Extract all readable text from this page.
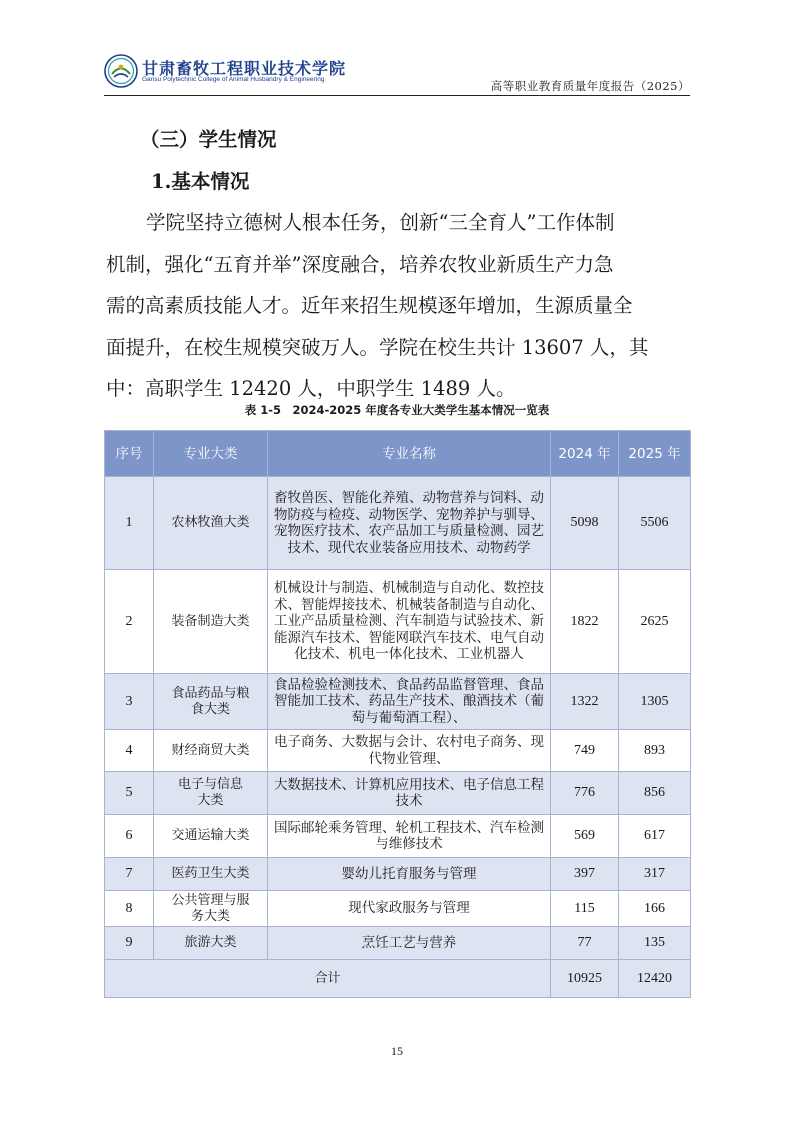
甘肃畜牧工程职业技术学院
Gansu Polytechnic College of Animal Husbandry & Engineering	高等职业教育质量年度报告（2025）
（三）学生情况
1.基本情况
学院坚持立德树人根本任务，创新“三全育人”工作体制
机制，强化“五育并举”深度融合，培养农牧业新质生产力急
需的高素质技能人才。近年来招生规模逐年增加，生源质量全
面提升，在校生规模突破万人。学院在校生共计 13607 人，其
中：高职学生 12420 人，中职学生 1489 人。
表 1-5　2024-2025 年度各专业大类学生基本情况一览表
序号	专业大类	专业名称	2024 年	2025 年
1	农林牧渔大类	畜牧兽医、智能化养殖、动物营养与饲料、动物防疫与检疫、动物医学、宠物养护与驯导、宠物医疗技术、农产品加工与质量检测、园艺技术、现代农业装备应用技术、动物药学	5098	5506
2	装备制造大类	机械设计与制造、机械制造与自动化、数控技术、智能焊接技术、机械装备制造与自动化、工业产品质量检测、汽车制造与试验技术、新能源汽车技术、智能网联汽车技术、电气自动化技术、机电一体化技术、工业机器人	1822	2625
3	食品药品与粮食大类	食品检验检测技术、食品药品监督管理、食品智能加工技术、药品生产技术、酿酒技术（葡萄与葡萄酒工程）、	1322	1305
4	财经商贸大类	电子商务、大数据与会计、农村电子商务、现代物业管理、	749	893
5	电子与信息大类	大数据技术、计算机应用技术、电子信息工程技术	776	856
6	交通运输大类	国际邮轮乘务管理、轮机工程技术、汽车检测与维修技术	569	617
7	医药卫生大类	婴幼儿托育服务与管理	397	317
8	公共管理与服务大类	现代家政服务与管理	115	166
9	旅游大类	烹饪工艺与营养	77	135
合计			10925	12420
15
